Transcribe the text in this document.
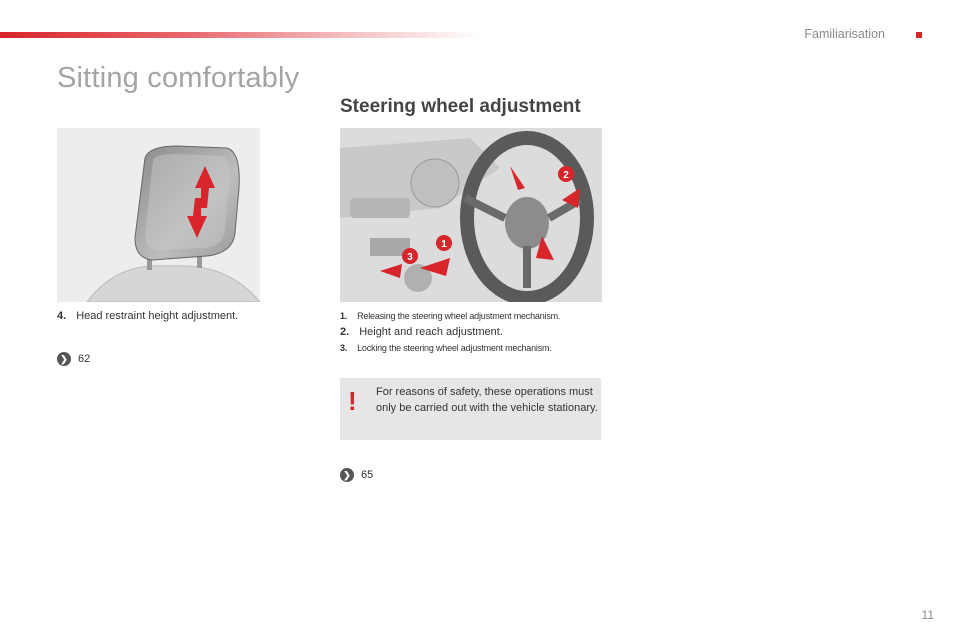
Familiarisation
Sitting comfortably
Steering wheel adjustment
1
2
3
4. Head restraint height adjustment.
❯ 62
1. Releasing the steering wheel adjustment mechanism.
2. Height and reach adjustment.
3. Locking the steering wheel adjustment mechanism.
! For reasons of safety, these operations must only be carried out with the vehicle stationary.
❯ 65
11
